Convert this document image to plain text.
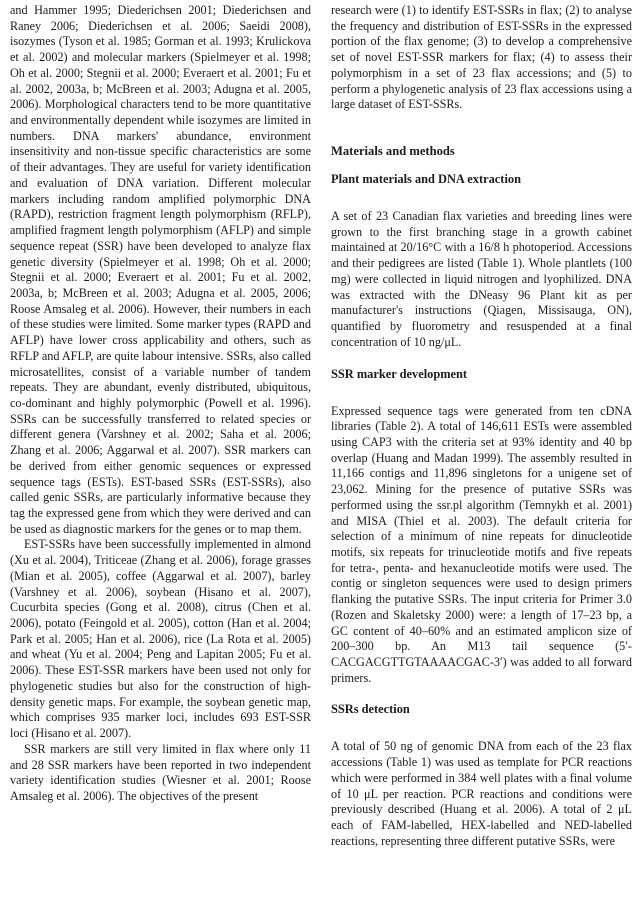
and Hammer 1995; Diederichsen 2001; Diederichsen and Raney 2006; Diederichsen et al. 2006; Saeidi 2008), isozymes (Tyson et al. 1985; Gorman et al. 1993; Krulickova et al. 2002) and molecular markers (Spielmeyer et al. 1998; Oh et al. 2000; Stegnii et al. 2000; Everaert et al. 2001; Fu et al. 2002, 2003a, b; McBreen et al. 2003; Adugna et al. 2005, 2006). Morphological characters tend to be more quantitative and environmentally dependent while isozymes are limited in numbers. DNA markers' abundance, environment insensitivity and non-tissue specific characteristics are some of their advantages. They are useful for variety identification and evaluation of DNA variation. Different molecular markers including random amplified polymorphic DNA (RAPD), restriction fragment length polymorphism (RFLP), amplified fragment length polymorphism (AFLP) and simple sequence repeat (SSR) have been developed to analyze flax genetic diversity (Spielmeyer et al. 1998; Oh et al. 2000; Stegnii et al. 2000; Everaert et al. 2001; Fu et al. 2002, 2003a, b; McBreen et al. 2003; Adugna et al. 2005, 2006; Roose Amsaleg et al. 2006). However, their numbers in each of these studies were limited. Some marker types (RAPD and AFLP) have lower cross applicability and others, such as RFLP and AFLP, are quite labour intensive. SSRs, also called microsatellites, consist of a variable number of tandem repeats. They are abundant, evenly distributed, ubiquitous, co-dominant and highly polymorphic (Powell et al. 1996). SSRs can be successfully transferred to related species or different genera (Varshney et al. 2002; Saha et al. 2006; Zhang et al. 2006; Aggarwal et al. 2007). SSR markers can be derived from either genomic sequences or expressed sequence tags (ESTs). EST-based SSRs (EST-SSRs), also called genic SSRs, are particularly informative because they tag the expressed gene from which they were derived and can be used as diagnostic markers for the genes or to map them.

EST-SSRs have been successfully implemented in almond (Xu et al. 2004), Triticeae (Zhang et al. 2006), forage grasses (Mian et al. 2005), coffee (Aggarwal et al. 2007), barley (Varshney et al. 2006), soybean (Hisano et al. 2007), Cucurbita species (Gong et al. 2008), citrus (Chen et al. 2006), potato (Feingold et al. 2005), cotton (Han et al. 2004; Park et al. 2005; Han et al. 2006), rice (La Rota et al. 2005) and wheat (Yu et al. 2004; Peng and Lapitan 2005; Fu et al. 2006). These EST-SSR markers have been used not only for phylogenetic studies but also for the construction of high-density genetic maps. For example, the soybean genetic map, which comprises 935 marker loci, includes 693 EST-SSR loci (Hisano et al. 2007).

SSR markers are still very limited in flax where only 11 and 28 SSR markers have been reported in two independent variety identification studies (Wiesner et al. 2001; Roose Amsaleg et al. 2006). The objectives of the present

research were (1) to identify EST-SSRs in flax; (2) to analyse the frequency and distribution of EST-SSRs in the expressed portion of the flax genome; (3) to develop a comprehensive set of novel EST-SSR markers for flax; (4) to assess their polymorphism in a set of 23 flax accessions; and (5) to perform a phylogenetic analysis of 23 flax accessions using a large dataset of EST-SSRs.

Materials and methods
Plant materials and DNA extraction

A set of 23 Canadian flax varieties and breeding lines were grown to the first branching stage in a growth cabinet maintained at 20/16°C with a 16/8 h photoperiod. Accessions and their pedigrees are listed (Table 1). Whole plantlets (100 mg) were collected in liquid nitrogen and lyophilized. DNA was extracted with the DNeasy 96 Plant kit as per manufacturer's instructions (Qiagen, Missisauga, ON), quantified by fluorometry and resuspended at a final concentration of 10 ng/μL.

SSR marker development

Expressed sequence tags were generated from ten cDNA libraries (Table 2). A total of 146,611 ESTs were assembled using CAP3 with the criteria set at 93% identity and 40 bp overlap (Huang and Madan 1999). The assembly resulted in 11,166 contigs and 11,896 singletons for a unigene set of 23,062. Mining for the presence of putative SSRs was performed using the ssr.pl algorithm (Temnykh et al. 2001) and MISA (Thiel et al. 2003). The default criteria for selection of a minimum of nine repeats for dinucleotide motifs, six repeats for trinucleotide motifs and five repeats for tetra-, penta- and hexanucleotide motifs were used. The contig or singleton sequences were used to design primers flanking the putative SSRs. The input criteria for Primer 3.0 (Rozen and Skaletsky 2000) were: a length of 17–23 bp, a GC content of 40–60% and an estimated amplicon size of 200–300 bp. An M13 tail sequence (5′-CACGACGTTGTAAAACGAC-3′) was added to all forward primers.

SSRs detection

A total of 50 ng of genomic DNA from each of the 23 flax accessions (Table 1) was used as template for PCR reactions which were performed in 384 well plates with a final volume of 10 μL per reaction. PCR reactions and conditions were previously described (Huang et al. 2006). A total of 2 μL each of FAM-labelled, HEX-labelled and NED-labelled reactions, representing three different putative SSRs, were
